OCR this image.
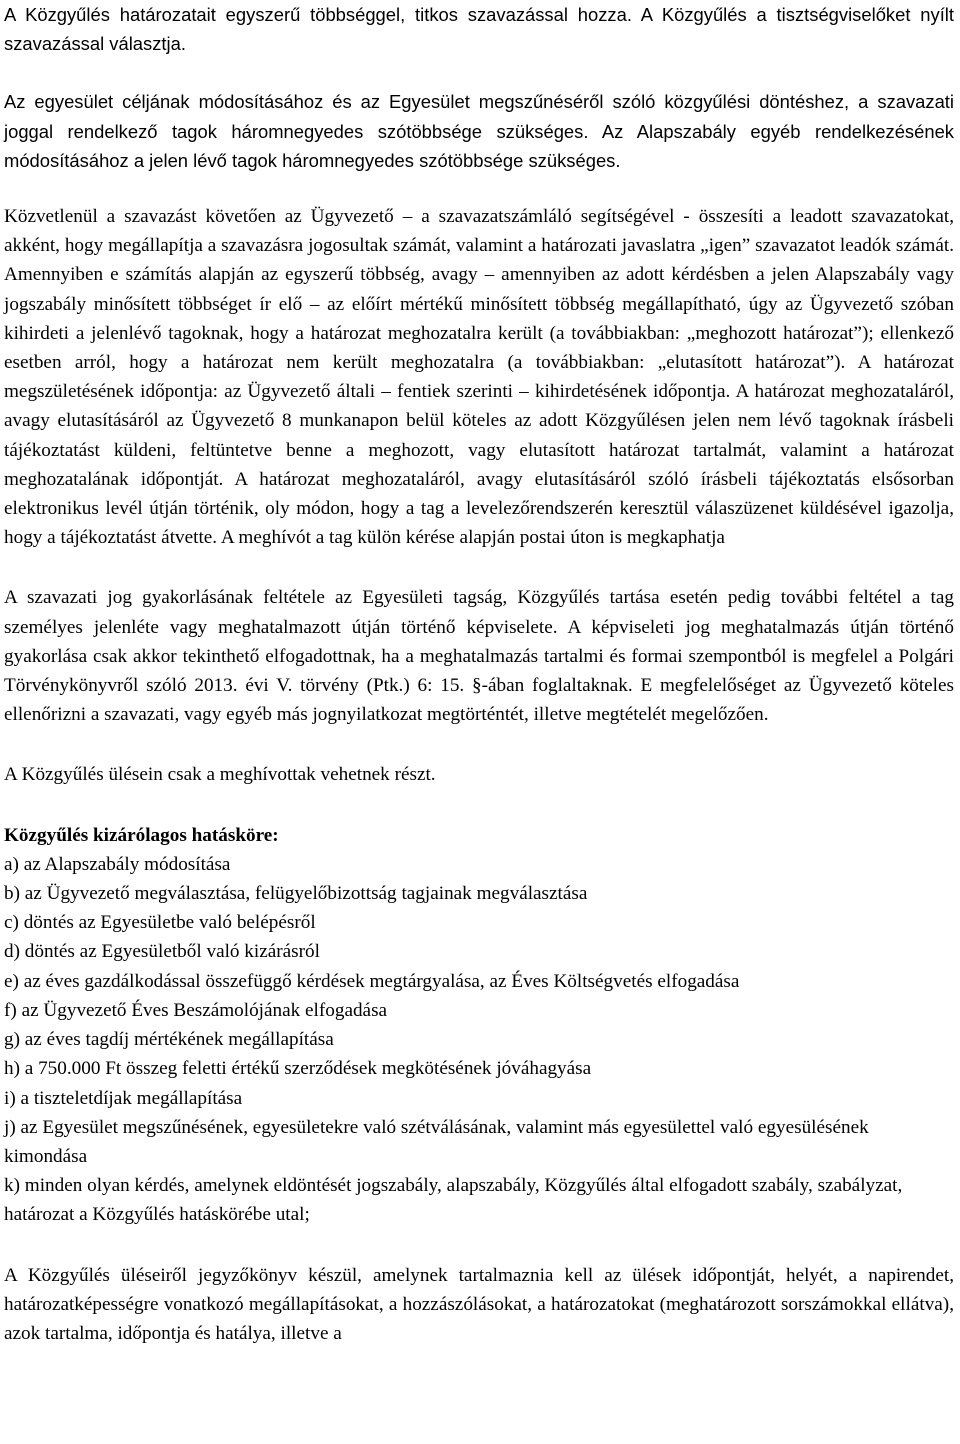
A Közgyűlés határozatait egyszerű többséggel, titkos szavazással hozza. A Közgyűlés a tisztségviselőket nyílt szavazással választja.

Az egyesület céljának módosításához és az Egyesület megszűnéséről szóló közgyűlési döntéshez, a szavazati joggal rendelkező tagok háromnegyedes szótöbbsége szükséges. Az Alapszabály egyéb rendelkezésének módosításához a jelen lévő tagok háromnegyedes szótöbbsége szükséges.

Közvetlenül a szavazást követően az Ügyvezető – a szavazatszámláló segítségével - összesíti a leadott szavazatokat, akként, hogy megállapítja a szavazásra jogosultak számát, valamint a határozati javaslatra „igen” szavazatot leadók számát. Amennyiben e számítás alapján az egyszerű többség, avagy – amennyiben az adott kérdésben a jelen Alapszabály vagy jogszabály minősített többséget ír elő – az előírt mértékű minősített többség megállapítható, úgy az Ügyvezető szóban kihirdeti a jelenlévő tagoknak, hogy a határozat meghozatalra került (a továbbiakban: „meghozott határozat”); ellenkező esetben arról, hogy a határozat nem került meghozatalra (a továbbiakban: „elutasított határozat”). A határozat megszületésének időpontja: az Ügyvezető általi – fentiek szerinti – kihirdetésének időpontja. A határozat meghozataláról, avagy elutasításáról az Ügyvezető 8 munkanapon belül köteles az adott Közgyűlésen jelen nem lévő tagoknak írásbeli tájékoztatást küldeni, feltüntetve benne a meghozott, vagy elutasított határozat tartalmát, valamint a határozat meghozatalának időpontját. A határozat meghozataláról, avagy elutasításáról szóló írásbeli tájékoztatás elsősorban elektronikus levél útján történik, oly módon, hogy a tag a levelezőrendszerén keresztül válaszüzenet küldésével igazolja, hogy a tájékoztatást átvette. A meghívót a tag külön kérése alapján postai úton is megkaphatja

A szavazati jog gyakorlásának feltétele az Egyesületi tagság, Közgyűlés tartása esetén pedig további feltétel a tag személyes jelenléte vagy meghatalmazott útján történő képviselete. A képviseleti jog meghatalmazás útján történő gyakorlása csak akkor tekinthető elfogadottnak, ha a meghatalmazás tartalmi és formai szempontból is megfelel a Polgári Törvénykönyvről szóló 2013. évi V. törvény (Ptk.) 6: 15. §-ában foglaltaknak. E megfelelőséget az Ügyvezető köteles ellenőrizni a szavazati, vagy egyéb más jognyilatkozat megtörténtét, illetve megtételét megelőzően.

A Közgyűlés ülésein csak a meghívottak vehetnek részt.

Közgyűlés kizárólagos hatásköre:

a) az Alapszabály módosítása

b) az Ügyvezető megválasztása, felügyelőbizottság tagjainak megválasztása

c) döntés az Egyesületbe való belépésről

d) döntés az Egyesületből való kizárásról

e) az éves gazdálkodással összefüggő kérdések megtárgyalása, az Éves Költségvetés elfogadása

f) az Ügyvezető Éves Beszámolójának elfogadása

g) az éves tagdíj mértékének megállapítása

h) a 750.000 Ft összeg feletti értékű szerződések megkötésének jóváhagyása

i) a tiszteletdíjak megállapítása

j) az Egyesület megszűnésének, egyesületekre való szétválásának, valamint más egyesülettel való egyesülésének kimondása

k) minden olyan kérdés, amelynek eldöntését jogszabály, alapszabály, Közgyűlés által elfogadott szabály, szabályzat, határozat a Közgyűlés hatáskörébe utal;

A Közgyűlés üléseiről jegyzőkönyv készül, amelynek tartalmaznia kell az ülések időpontját, helyét, a napirendet, határozatképességre vonatkozó megállapításokat, a hozzászólásokat, a határozatokat (meghatározott sorszámokkal ellátva), azok tartalma, időpontja és hatálya, illetve a
